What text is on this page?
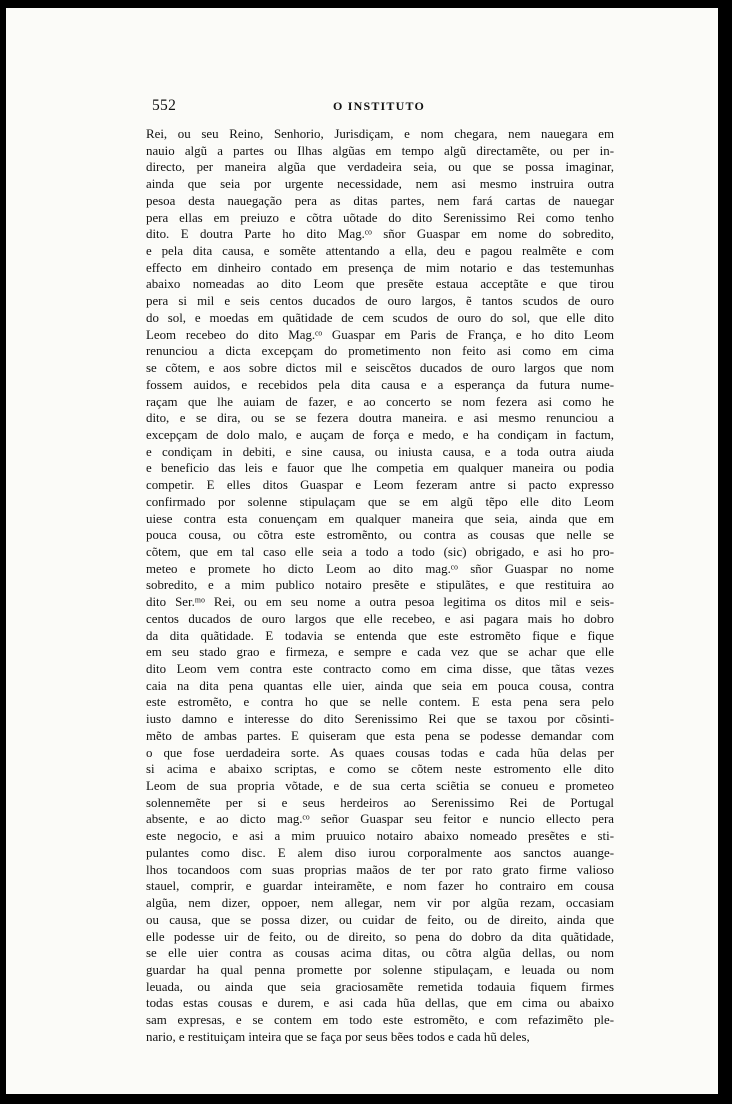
552	O INSTITUTO
Rei, ou seu Reino, Senhorio, Jurisdiçam, e nom chegara, nem nauegara em
nauio algũ a partes ou Ilhas algũas em tempo algũ directamẽte, ou per in-
directo, per maneira algũa que verdadeira seia, ou que se possa imaginar,
ainda que seia por urgente necessidade, nem asi mesmo instruira outra
pesoa desta nauegação pera as ditas partes, nem fará cartas de nauegar
pera ellas em preiuzo e cõtra uõtade do dito Serenissimo Rei como tenho
dito. E doutra Parte ho dito Mag.ᶜᵒ sñor Guaspar em nome do sobredito,
e pela dita causa, e somẽte attentando a ella, deu e pagou realmẽte e com
effecto em dinheiro contado em presença de mim notario e das testemunhas
abaixo nomeadas ao dito Leom que presẽte estaua acceptãte e que tirou
pera si mil e seis centos ducados de ouro largos, ẽ tantos scudos de ouro
do sol, e moedas em quãtidade de cem scudos de ouro do sol, que elle dito
Leom recebeo do dito Mag.ᶜᵒ Guaspar em Paris de França, e ho dito Leom
renunciou a dicta excepçam do prometimento non feito asi como em cima
se cõtem, e aos sobre dictos mil e seiscẽtos ducados de ouro largos que nom
fossem auidos, e recebidos pela dita causa e a esperança da futura nume-
raçam que lhe auiam de fazer, e ao concerto se nom fezera asi como he
dito, e se dira, ou se se fezera doutra maneira. e asi mesmo renunciou a
excepçam de dolo malo, e auçam de força e medo, e ha condiçam in factum,
e condiçam in debiti, e sine causa, ou iniusta causa, e a toda outra aiuda
e beneficio das leis e fauor que lhe competia em qualquer maneira ou podia
competir. E elles ditos Guaspar e Leom fezeram antre si pacto expresso
confirmado por solenne stipulaçam que se em algũ tẽpo elle dito Leom
uiese contra esta conuençam em qualquer maneira que seia, ainda que em
pouca cousa, ou cõtra este estromẽnto, ou contra as cousas que nelle se
cõtem, que em tal caso elle seia a todo a todo (sic) obrigado, e asi ho pro-
meteo e promete ho dicto Leom ao dito mag.ᶜᵒ sñor Guaspar no nome
sobredito, e a mim publico notairo presẽte e stipulãtes, e que restituira ao
dito Ser.ᵐᵒ Rei, ou em seu nome a outra pesoa legitima os ditos mil e seis-
centos ducados de ouro largos que elle recebeo, e asi pagara mais ho dobro
da dita quãtidade. E todavia se entenda que este estromẽto fique e fique
em seu stado grao e firmeza, e sempre e cada vez que se achar que elle
dito Leom vem contra este contracto como em cima disse, que tãtas vezes
caia na dita pena quantas elle uier, ainda que seia em pouca cousa, contra
este estromẽto, e contra ho que se nelle contem. E esta pena sera pelo
iusto damno e interesse do dito Serenissimo Rei que se taxou por cõsinti-
mẽto de ambas partes. E quiseram que esta pena se podesse demandar com
o que fose uerdadeira sorte. As quaes cousas todas e cada hũa delas per
si acima e abaixo scriptas, e como se cõtem neste estromento elle dito
Leom de sua propria võtade, e de sua certa sciẽtia se conueu e prometeo
solennemẽte per si e seus herdeiros ao Serenissimo Rei de Portugal
absente, e ao dicto mag.ᶜᵒ señor Guaspar seu feitor e nuncio ellecto pera
este negocio, e asi a mim pruuico notairo abaixo nomeado presẽtes e sti-
pulantes como disc. E alem diso iurou corporalmente aos sanctos auange-
lhos tocandoos com suas proprias maãos de ter por rato grato firme valioso
stauel, comprir, e guardar inteiramẽte, e nom fazer ho contrairo em cousa
algũa, nem dizer, oppoer, nem allegar, nem vir por algũa rezam, occasiam
ou causa, que se possa dizer, ou cuidar de feito, ou de direito, ainda que
elle podesse uir de feito, ou de direito, so pena do dobro da dita quãtidade,
se elle uier contra as cousas acima ditas, ou cõtra algũa dellas, ou nom
guardar ha qual penna promette por solenne stipulaçam, e leuada ou nom
leuada, ou ainda que seia graciosamẽte remetida todauia fiquem firmes
todas estas cousas e durem, e asi cada hũa dellas, que em cima ou abaixo
sam expresas, e se contem em todo este estromẽto, e com refazimẽto ple-
nario, e restituiçam inteira que se faça por seus bẽes todos e cada hũ deles,
